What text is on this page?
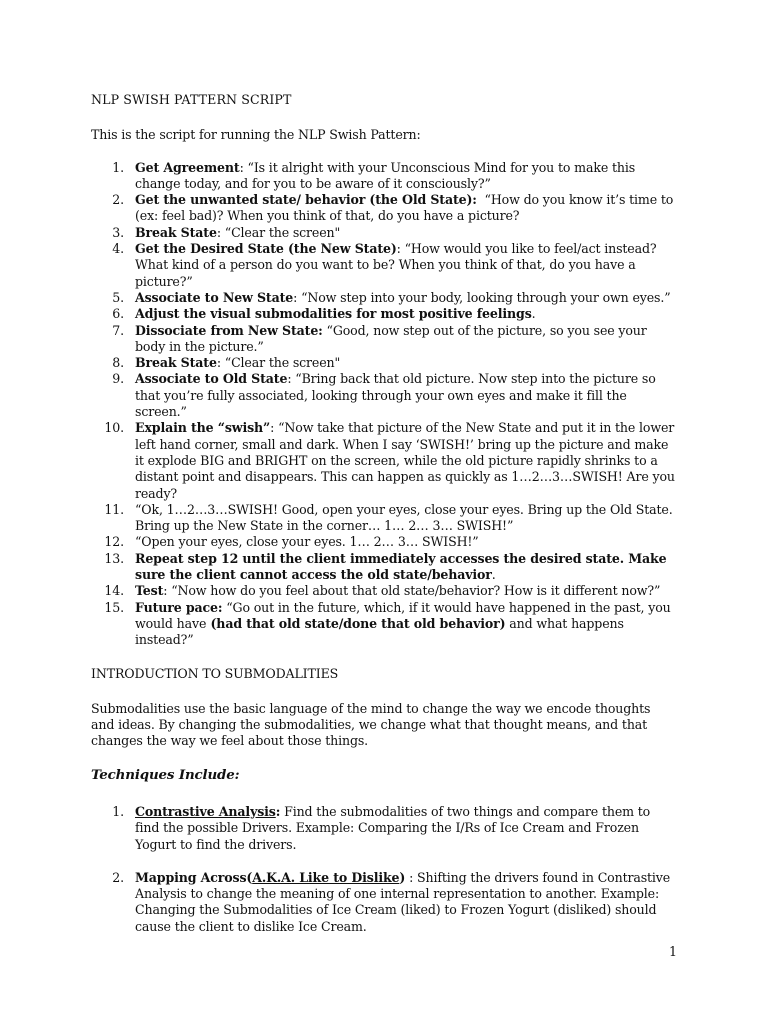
NLP SWISH PATTERN SCRIPT

This is the script for running the NLP Swish Pattern:

1. Get Agreement: “Is it alright with your Unconscious Mind for you to make this change today, and for you to be aware of it consciously?”
2. Get the unwanted state/ behavior (the Old State): “How do you know it’s time to (ex: feel bad)? When you think of that, do you have a picture?
3. Break State: “Clear the screen"
4. Get the Desired State (the New State): “How would you like to feel/act instead? What kind of a person do you want to be? When you think of that, do you have a picture?”
5. Associate to New State: “Now step into your body, looking through your own eyes.”
6. Adjust the visual submodalities for most positive feelings.
7. Dissociate from New State: “Good, now step out of the picture, so you see your body in the picture.”
8. Break State: “Clear the screen"
9. Associate to Old State: “Bring back that old picture. Now step into the picture so that you’re fully associated, looking through your own eyes and make it fill the screen.”
10. Explain the “swish”: “Now take that picture of the New State and put it in the lower left hand corner, small and dark. When I say ‘SWISH!’ bring up the picture and make it explode BIG and BRIGHT on the screen, while the old picture rapidly shrinks to a distant point and disappears. This can happen as quickly as 1…2…3…SWISH! Are you ready?
11. “Ok, 1…2…3…SWISH! Good, open your eyes, close your eyes. Bring up the Old State. Bring up the New State in the corner… 1… 2… 3… SWISH!”
12. “Open your eyes, close your eyes. 1… 2… 3… SWISH!”
13. Repeat step 12 until the client immediately accesses the desired state. Make sure the client cannot access the old state/behavior.
14. Test: “Now how do you feel about that old state/behavior? How is it different now?”
15. Future pace: “Go out in the future, which, if it would have happened in the past, you would have (had that old state/done that old behavior) and what happens instead?”

INTRODUCTION TO SUBMODALITIES

Submodalities use the basic language of the mind to change the way we encode thoughts and ideas. By changing the submodalities, we change what that thought means, and that changes the way we feel about those things.

Techniques Include:

1. Contrastive Analysis: Find the submodalities of two things and compare them to find the possible Drivers. Example: Comparing the I/Rs of Ice Cream and Frozen Yogurt to find the drivers.
2. Mapping Across(A.K.A. Like to Dislike) : Shifting the drivers found in Contrastive Analysis to change the meaning of one internal representation to another. Example: Changing the Submodalities of Ice Cream (liked) to Frozen Yogurt (disliked) should cause the client to dislike Ice Cream.
1
